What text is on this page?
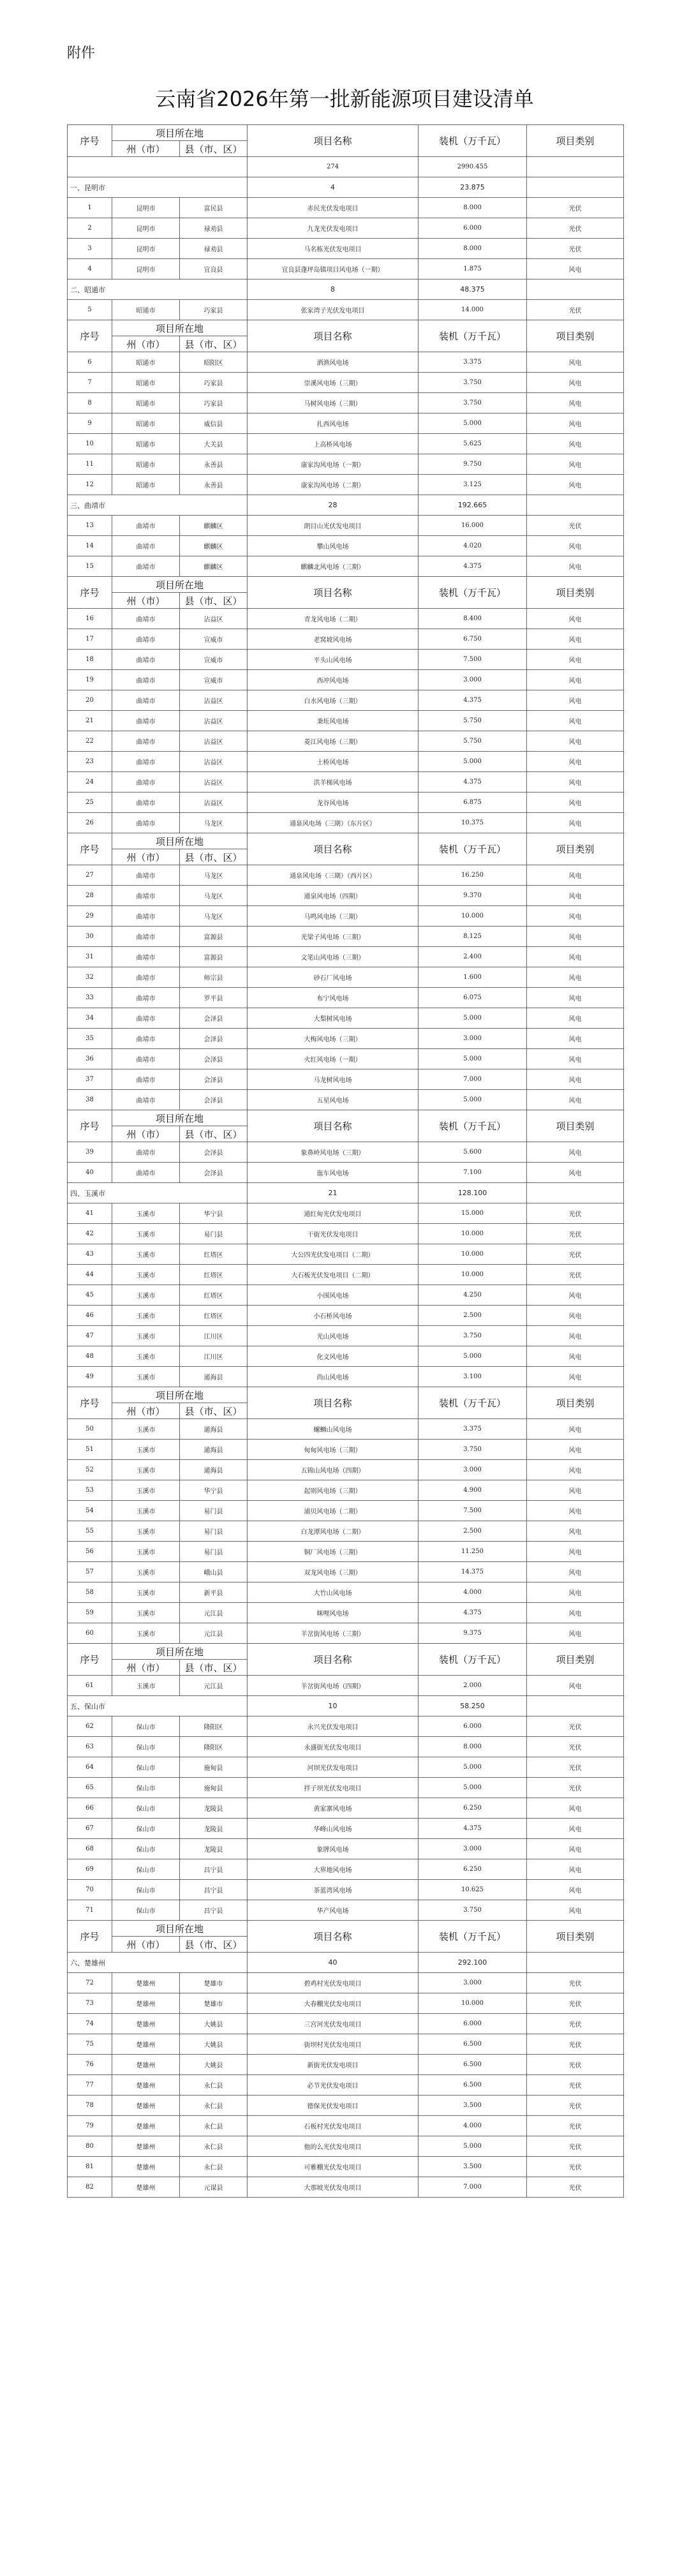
附件
云南省2026年第一批新能源项目建设清单
序号	项目所在地		项目名称	装机（万千瓦）	项目类别
	州（市）	县（市、区）			
			274	2990.455	
一、昆明市			4	23.875	
1	昆明市	富民县	赤民光伏发电项目	8.000	光伏
2	昆明市	禄劝县	九龙光伏发电项目	6.000	光伏
3	昆明市	禄劝县	马名栋光伏发电项目	8.000	光伏
4	昆明市	宜良县	宜良县蓬坪岛镇项目风电场（一期）	1.875	风电
二、昭通市			8	48.375	
5	昭通市	巧家县	张家湾子光伏发电项目	14.000	光伏
序号	项目所在地		项目名称	装机（万千瓦）	项目类别
	州（市）	县（市、区）			
6	昭通市	昭阳区	洒渔风电场	3.375	风电
7	昭通市	巧家县	崇溪风电场（三期）	3.750	风电
8	昭通市	巧家县	马树风电场（三期）	3.750	风电
9	昭通市	威信县	扎西风电场	5.000	风电
10	昭通市	大关县	上高桥风电场	5.625	风电
11	昭通市	永善县	康家沟风电场（一期）	9.750	风电
12	昭通市	永善县	康家沟风电场（二期）	3.125	风电
三、曲靖市			28	192.665	
13	曲靖市	麒麟区	朗目山光伏发电项目	16.000	光伏
14	曲靖市	麒麟区	攀山风电场	4.020	风电
15	曲靖市	麒麟区	麒麟北风电场（三期）	4.375	风电
序号	项目所在地		项目名称	装机（万千瓦）	项目类别
	州（市）	县（市、区）			
16	曲靖市	沾益区	青龙风电场（二期）	8.400	风电
17	曲靖市	宣威市	老窝坡风电场	6.750	风电
18	曲靖市	宣威市	平头山风电场	7.500	风电
19	曲靖市	宣威市	西冲风电场	3.000	风电
20	曲靖市	沾益区	白水风电场（三期）	4.375	风电
21	曲靖市	沾益区	秉坵风电场	5.750	风电
22	曲靖市	沾益区	菱江风电场（三期）	5.750	风电
23	曲靖市	沾益区	土桥风电场	5.000	风电
24	曲靖市	沾益区	洪羊梯风电场	4.375	风电
25	曲靖市	沾益区	龙谷风电场	6.875	风电
26	曲靖市	马龙区	通泉风电场（三期）（东片区）	10.375	风电
序号	项目所在地		项目名称	装机（万千瓦）	项目类别
	州（市）	县（市、区）			
27	曲靖市	马龙区	通泉风电场（三期）（西片区）	16.250	风电
28	曲靖市	马龙区	通泉风电场（四期）	9.370	风电
29	曲靖市	马龙区	马鸣风电场（三期）	10.000	风电
30	曲靖市	富源县	光梁子风电场（三期）	8.125	风电
31	曲靖市	富源县	文笔山风电场（三期）	2.400	风电
32	曲靖市	师宗县	砂石厂风电场	1.600	风电
33	曲靖市	罗平县	布宁风电场	6.075	风电
34	曲靖市	会泽县	大梨树风电场	5.000	风电
35	曲靖市	会泽县	大梅风电场（三期）	3.000	风电
36	曲靖市	会泽县	火红风电场（一期）	5.000	风电
37	曲靖市	会泽县	马龙树风电场	7.000	风电
38	曲靖市	会泽县	五星风电场	5.000	风电
序号	项目所在地		项目名称	装机（万千瓦）	项目类别
	州（市）	县（市、区）			
39	曲靖市	会泽县	象鼻岭风电场（三期）	5.600	风电
40	曲靖市	会泽县	迤车风电场	7.100	风电
四、玉溪市			21	128.100	
41	玉溪市	华宁县	通红甸光伏发电项目	15.000	光伏
42	玉溪市	易门县	干街光伏发电项目	10.000	光伏
43	玉溪市	红塔区	大公四光伏发电项目（二期）	10.000	光伏
44	玉溪市	红塔区	大石板光伏发电项目（二期）	10.000	光伏
45	玉溪市	红塔区	小围风电场	4.250	风电
46	玉溪市	红塔区	小石桥风电场	2.500	风电
47	玉溪市	江川区	光山风电场	3.750	风电
48	玉溪市	江川区	化文风电场	5.000	风电
49	玉溪市	通海县	尚山风电场	3.100	风电
序号	项目所在地		项目名称	装机（万千瓦）	项目类别
	州（市）	县（市、区）			
50	玉溪市	通海县	螺蛳山风电场	3.375	风电
51	玉溪市	通海县	甸甸风电场（三期）	3.750	风电
52	玉溪市	通海县	五锦山风电场（四期）	3.000	风电
53	玉溪市	华宁县	起则风电场（三期）	4.900	风电
54	玉溪市	易门县	浦贝风电场（二期）	7.500	风电
55	玉溪市	易门县	白龙潭风电场（二期）	2.500	风电
56	玉溪市	易门县	铜厂风电场（三期）	11.250	风电
57	玉溪市	峨山县	双龙风电场（三期）	14.375	风电
58	玉溪市	新平县	大竹山风电场	4.000	风电
59	玉溪市	元江县	咪哩风电场	4.375	风电
60	玉溪市	元江县	羊岔街风电场（三期）	9.375	风电
序号	项目所在地		项目名称	装机（万千瓦）	项目类别
	州（市）	县（市、区）			
61	玉溪市	元江县	羊岔街风电场（四期）	2.000	风电
五、保山市			10	58.250	
62	保山市	隆阳区	永兴光伏发电项目	6.000	光伏
63	保山市	隆阳区	永盛街光伏发电项目	8.000	光伏
64	保山市	施甸县	河坝光伏发电项目	5.000	光伏
65	保山市	施甸县	拌子坝光伏发电项目	5.000	光伏
66	保山市	龙陵县	黄家寨风电场	6.250	风电
67	保山市	龙陵县	华峰山风电场	4.375	风电
68	保山市	龙陵县	象牌风电场	3.000	风电
69	保山市	昌宁县	大界地风电场	6.250	风电
70	保山市	昌宁县	茶蓝湾风电场	10.625	风电
71	保山市	昌宁县	华产风电场	3.750	风电
序号	项目所在地		项目名称	装机（万千瓦）	项目类别
	州（市）	县（市、区）			
六、楚雄州			40	292.100	
72	楚雄州	楚雄市	碧鸡村光伏发电项目	3.000	光伏
73	楚雄州	楚雄市	大春棚光伏发电项目	10.000	光伏
74	楚雄州	大姚县	三宫河光伏发电项目	6.000	光伏
75	楚雄州	大姚县	街坝村光伏发电项目	6.500	光伏
76	楚雄州	大姚县	新街光伏发电项目	6.500	光伏
77	楚雄州	永仁县	必节光伏发电项目	6.500	光伏
78	楚雄州	永仁县	德保光伏发电项目	3.500	光伏
79	楚雄州	永仁县	石板村光伏发电项目	4.000	光伏
80	楚雄州	永仁县	他的么光伏发电项目	5.000	光伏
81	楚雄州	永仁县	可雅棚光伏发电项目	3.500	光伏
82	楚雄州	元谋县	大那坡光伏发电项目	7.000	光伏
